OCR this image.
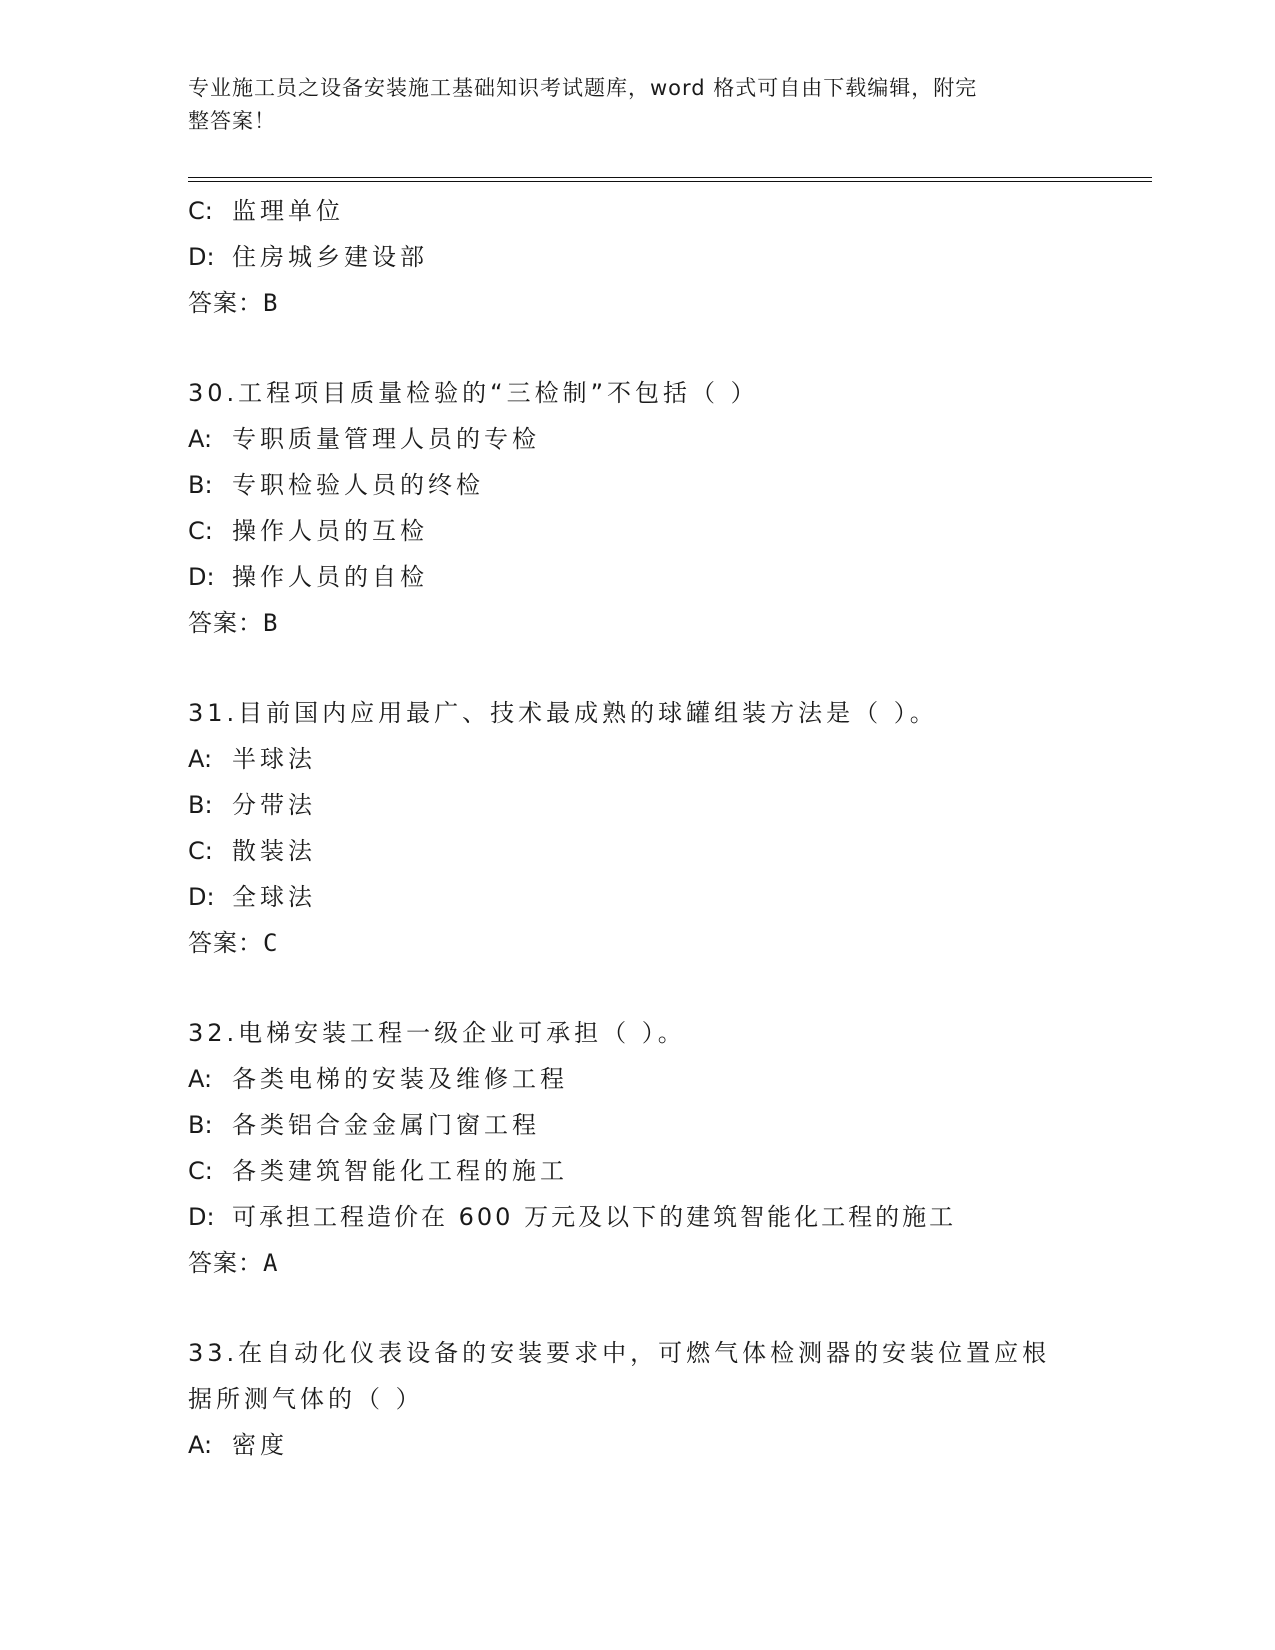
专业施工员之设备安装施工基础知识考试题库，word 格式可自由下载编辑，附完
整答案！
C: 监理单位
D: 住房城乡建设部
答案：B
30.工程项目质量检验的“三检制”不包括（ ）
A: 专职质量管理人员的专检
B: 专职检验人员的终检
C: 操作人员的互检
D: 操作人员的自检
答案：B
31.目前国内应用最广、技术最成熟的球罐组装方法是（ ）。
A: 半球法
B: 分带法
C: 散装法
D: 全球法
答案：C
32.电梯安装工程一级企业可承担（ ）。
A: 各类电梯的安装及维修工程
B: 各类铝合金金属门窗工程
C: 各类建筑智能化工程的施工
D: 可承担工程造价在 600 万元及以下的建筑智能化工程的施工
答案：A
33.在自动化仪表设备的安装要求中，可燃气体检测器的安装位置应根
据所测气体的（ ）
A: 密度
